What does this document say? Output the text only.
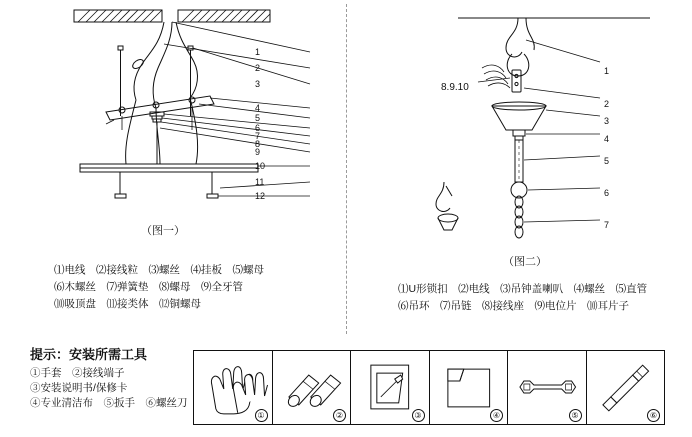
1
2
3
4
5
6
7
8
9
10
11
12
（图一）
⑴电线　⑵接线粒　⑶螺丝　⑷挂板　⑸螺母
⑹木螺丝　⑺弹簧垫　⑻螺母　⑼全牙管
⑽吸顶盘　⑾接类体　⑿铜螺母
8.9.10
1
2
3
4
5
6
7
（图二）
⑴U形锁扣　⑵电线　⑶吊钟盖喇叭　⑷螺丝　⑸直管
⑹吊环　⑺吊链　⑻接线座　⑼电位片　⑽耳片子
提示：安装所需工具
①手套　②接线端子
③安装说明书/保修卡
④专业清洁布　⑤扳手　⑥螺丝刀
①	②	③	④	⑤	⑥
